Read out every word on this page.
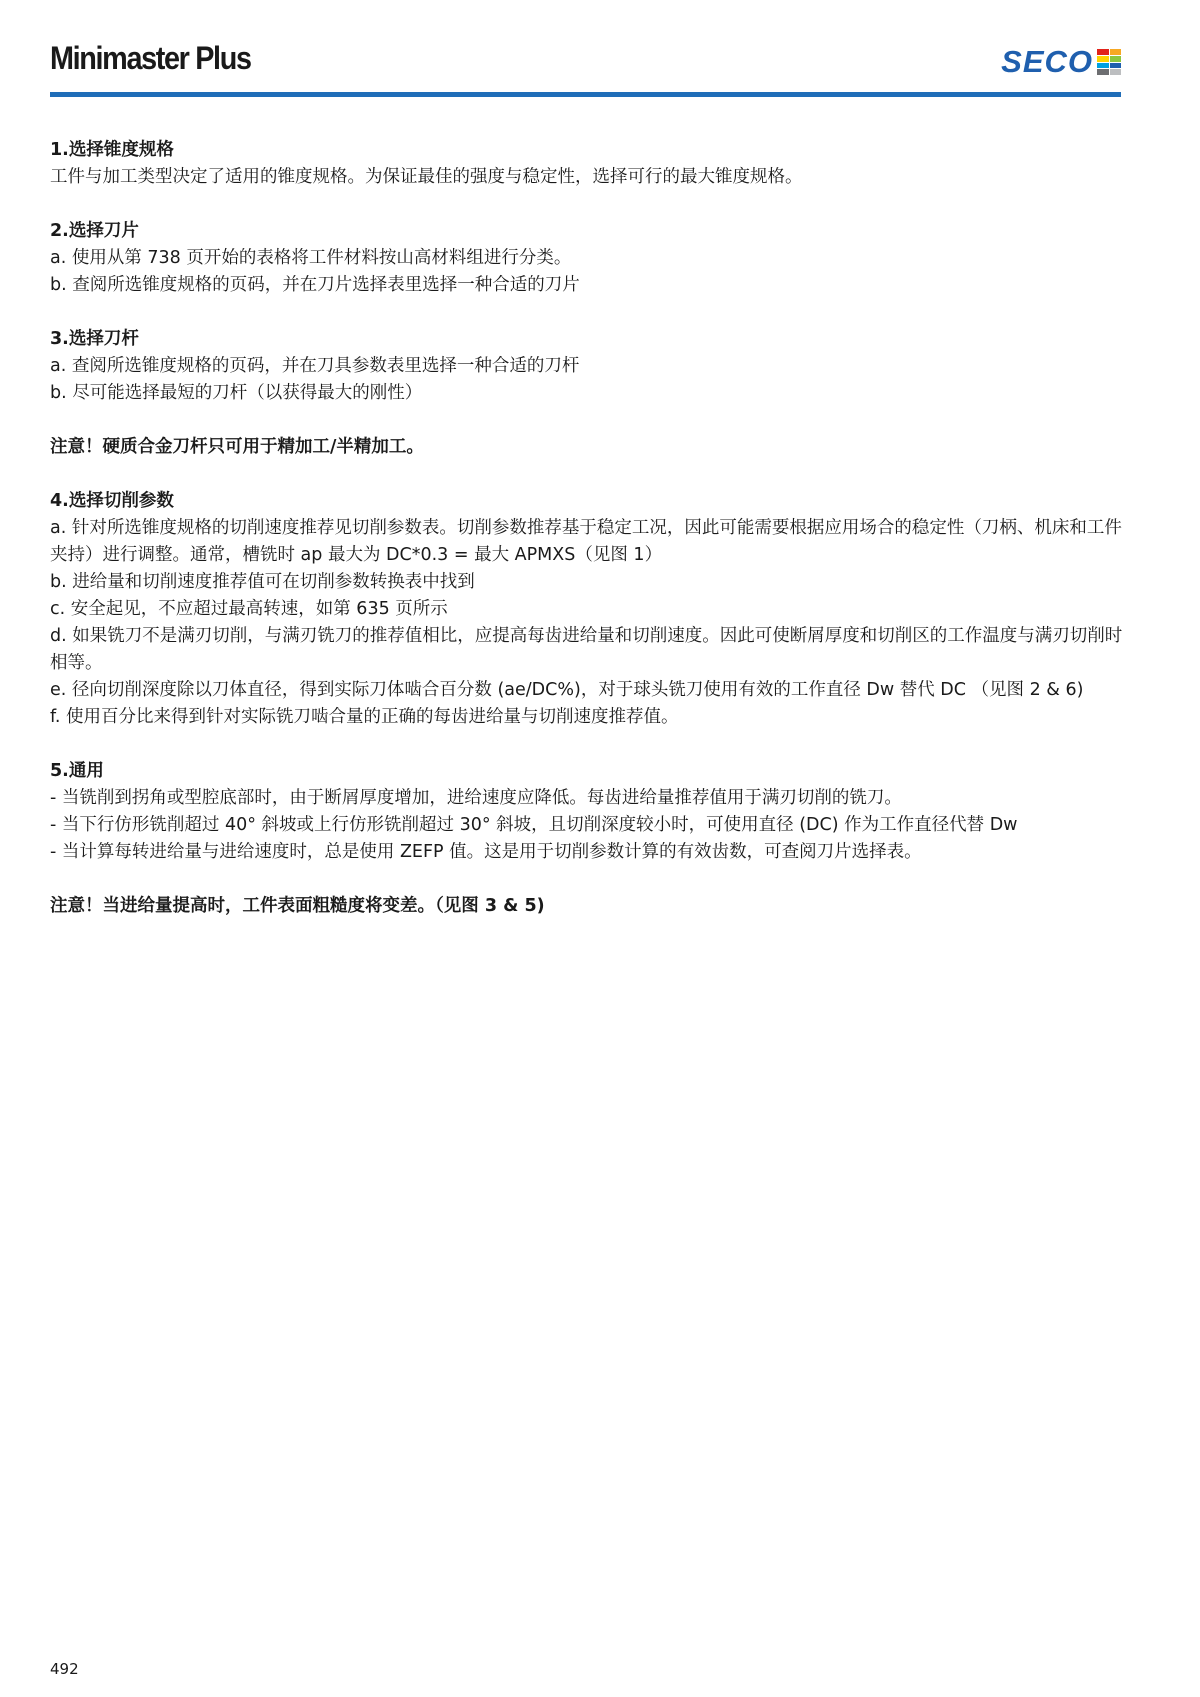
Minimaster Plus	SECO
1.选择锥度规格
工件与加工类型决定了适用的锥度规格。为保证最佳的强度与稳定性，选择可行的最大锥度规格。
2.选择刀片
a. 使用从第 738 页开始的表格将工件材料按山高材料组进行分类。
b. 查阅所选锥度规格的页码，并在刀片选择表里选择一种合适的刀片
3.选择刀杆
a. 查阅所选锥度规格的页码，并在刀具参数表里选择一种合适的刀杆
b. 尽可能选择最短的刀杆（以获得最大的刚性）
注意！硬质合金刀杆只可用于精加工/半精加工。
4.选择切削参数
a. 针对所选锥度规格的切削速度推荐见切削参数表。切削参数推荐基于稳定工况，因此可能需要根据应用场合的稳定性（刀柄、机床和工件夹持）进行调整。通常，槽铣时 ap 最大为 DC*0.3 = 最大 APMXS（见图 1）
b. 进给量和切削速度推荐值可在切削参数转换表中找到
c. 安全起见，不应超过最高转速，如第 635 页所示
d. 如果铣刀不是满刃切削，与满刃铣刀的推荐值相比，应提高每齿进给量和切削速度。因此可使断屑厚度和切削区的工作温度与满刃切削时相等。
e. 径向切削深度除以刀体直径，得到实际刀体啮合百分数 (ae/DC%)，对于球头铣刀使用有效的工作直径 Dw 替代 DC （见图 2 & 6)
f. 使用百分比来得到针对实际铣刀啮合量的正确的每齿进给量与切削速度推荐值。
5.通用
- 当铣削到拐角或型腔底部时，由于断屑厚度增加，进给速度应降低。每齿进给量推荐值用于满刃切削的铣刀。
- 当下行仿形铣削超过 40° 斜坡或上行仿形铣削超过 30° 斜坡，且切削深度较小时，可使用直径 (DC) 作为工作直径代替 Dw
- 当计算每转进给量与进给速度时，总是使用 ZEFP 值。这是用于切削参数计算的有效齿数，可查阅刀片选择表。
注意！当进给量提高时，工件表面粗糙度将变差。（见图 3 & 5)
492
